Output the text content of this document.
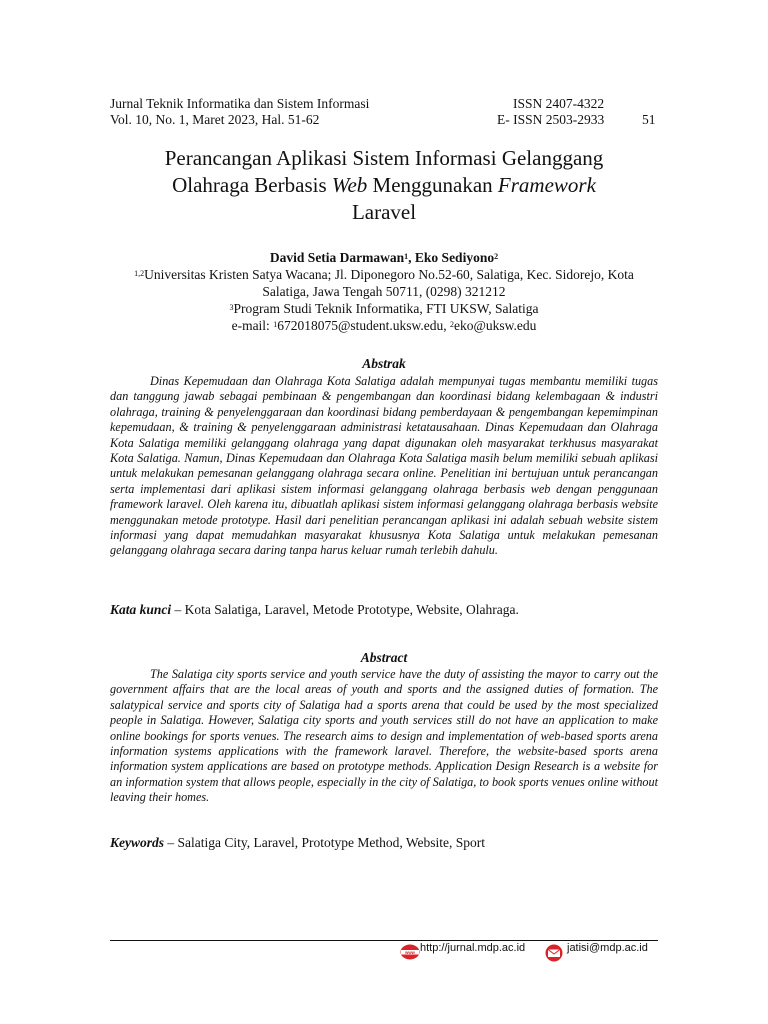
Jurnal Teknik Informatika dan Sistem Informasi
Vol. 10, No. 1, Maret 2023, Hal. 51-62
ISSN 2407-4322
E- ISSN 2503-2933	51
Perancangan Aplikasi Sistem Informasi Gelanggang
Olahraga Berbasis Web Menggunakan Framework
Laravel
David Setia Darmawan$^1$, Eko Sediyono$^2$
$^{1,2}$Universitas Kristen Satya Wacana; Jl. Diponegoro No.52-60, Salatiga, Kec. Sidorejo, Kota
Salatiga, Jawa Tengah 50711, (0298) 321212
$^3$Program Studi Teknik Informatika, FTI UKSW, Salatiga
e-mail: $^1$672018075@student.uksw.edu, $^2$eko@uksw.edu
Abstrak

Dinas Kepemudaan dan Olahraga Kota Salatiga adalah mempunyai tugas membantu memiliki tugas dan tanggung jawab sebagai pembinaan & pengembangan dan koordinasi bidang kelembagaan & industri olahraga, training & penyelenggaraan dan koordinasi bidang pemberdayaan & pengembangan kepemimpinan kepemudaan, & training & penyelenggaraan administrasi ketatausahaan. Dinas Kepemudaan dan Olahraga Kota Salatiga memiliki gelanggang olahraga yang dapat digunakan oleh masyarakat terkhusus masyarakat Kota Salatiga. Namun, Dinas Kepemudaan dan Olahraga Kota Salatiga masih belum memiliki sebuah aplikasi untuk melakukan pemesanan gelanggang olahraga secara online. Penelitian ini bertujuan untuk perancangan serta implementasi dari aplikasi sistem informasi gelanggang olahraga berbasis web dengan penggunaan framework laravel. Oleh karena itu, dibuatlah aplikasi sistem informasi gelanggang olahraga berbasis website menggunakan metode prototype. Hasil dari penelitian perancangan aplikasi ini adalah sebuah website sistem informasi yang dapat memudahkan masyarakat khususnya Kota Salatiga untuk melakukan pemesanan gelanggang olahraga secara daring tanpa harus keluar rumah terlebih dahulu.

Kata kunci – Kota Salatiga, Laravel, Metode Prototype, Website, Olahraga.
Abstract

The Salatiga city sports service and youth service have the duty of assisting the mayor to carry out the government affairs that are the local areas of youth and sports and the assigned duties of formation. The salatypical service and sports city of Salatiga had a sports arena that could be used by the most specialized people in Salatiga. However, Salatiga city sports and youth services still do not have an application to make online bookings for sports venues. The research aims to design and implementation of web-based sports arena information systems applications with the framework laravel. Therefore, the website-based sports arena information system applications are based on prototype methods. Application Design Research is a website for an information system that allows people, especially in the city of Salatiga, to book sports venues online without leaving their homes.

Keywords – Salatiga City, Laravel, Prototype Method, Website, Sport
www http://jurnal.mdp.ac.id	jatisi@mdp.ac.id
